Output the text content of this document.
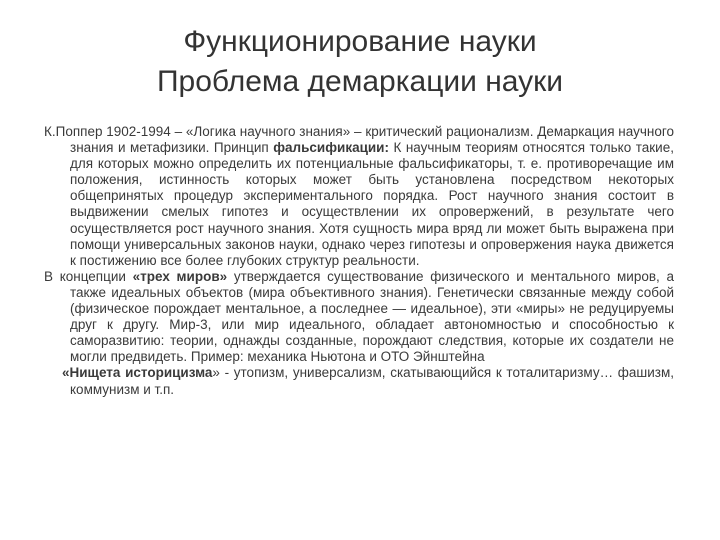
Функционирование науки
Проблема демаркации науки

К.Поппер 1902-1994 – «Логика научного знания» – критический рационализм. Демаркация научного знания и метафизики. Принцип фальсификации: К научным теориям относятся только такие, для которых можно определить их потенциальные фальсификаторы, т. е. противоречащие им положения, истинность которых может быть установлена посредством некоторых общепринятых процедур экспериментального порядка. Рост научного знания состоит в выдвижении смелых гипотез и осуществлении их опровержений, в результате чего осуществляется рост научного знания. Хотя сущность мира вряд ли может быть выражена при помощи универсальных законов науки, однако через гипотезы и опровержения наука движется к постижению все более глубоких структур реальности.

В концепции «трех миров» утверждается существование физического и ментального миров, а также идеальных объектов (мира объективного знания). Генетически связанные между собой (физическое порождает ментальное, а последнее — идеальное), эти «миры» не редуцируемы друг к другу. Мир-3, или мир идеального, обладает автономностью и способностью к саморазвитию: теории, однажды созданные, порождают следствия, которые их создатели не могли предвидеть. Пример: механика Ньютона и ОТО Эйнштейна

«Нищета историцизма» - утопизм, универсализм, скатывающийся к тоталитаризму… фашизм, коммунизм и т.п.
